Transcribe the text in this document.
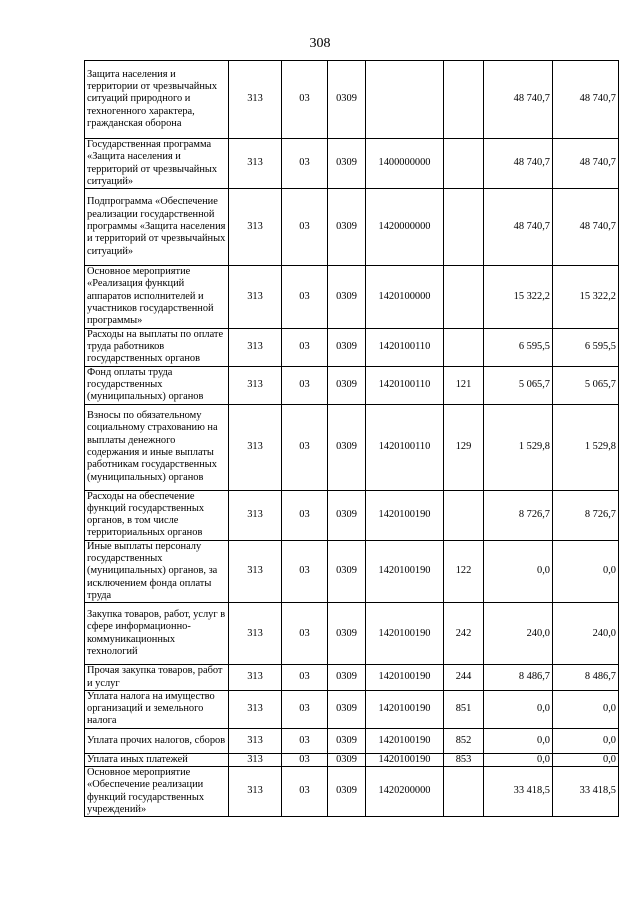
308
Защита населения и территории от чрезвычайных ситуаций природного и техногенного характера, гражданская оборона	313	03	0309			48 740,7	48 740,7
Государственная программа «Защита населения и территорий от чрезвычайных ситуаций»	313	03	0309	1400000000		48 740,7	48 740,7
Подпрограмма «Обеспечение реализации государственной программы «Защита населения и территорий от чрезвычайных ситуаций»	313	03	0309	1420000000		48 740,7	48 740,7
Основное мероприятие «Реализация функций аппаратов исполнителей и участников государственной программы»	313	03	0309	1420100000		15 322,2	15 322,2
Расходы на выплаты по оплате труда работников государственных органов	313	03	0309	1420100110		6 595,5	6 595,5
Фонд оплаты труда государственных (муниципальных) органов	313	03	0309	1420100110	121	5 065,7	5 065,7
Взносы по обязательному социальному страхованию на выплаты денежного содержания и иные выплаты работникам государственных (муниципальных) органов	313	03	0309	1420100110	129	1 529,8	1 529,8
Расходы на обеспечение функций государственных органов, в том числе территориальных органов	313	03	0309	1420100190		8 726,7	8 726,7
Иные выплаты персоналу государственных (муниципальных) органов, за исключением фонда оплаты труда	313	03	0309	1420100190	122	0,0	0,0
Закупка товаров, работ, услуг в сфере информационно-коммуникационных технологий	313	03	0309	1420100190	242	240,0	240,0
Прочая закупка товаров, работ и услуг	313	03	0309	1420100190	244	8 486,7	8 486,7
Уплата налога на имущество организаций и земельного налога	313	03	0309	1420100190	851	0,0	0,0
Уплата прочих налогов, сборов	313	03	0309	1420100190	852	0,0	0,0
Уплата иных платежей	313	03	0309	1420100190	853	0,0	0,0
Основное мероприятие «Обеспечение реализации функций государственных учреждений»	313	03	0309	1420200000		33 418,5	33 418,5
